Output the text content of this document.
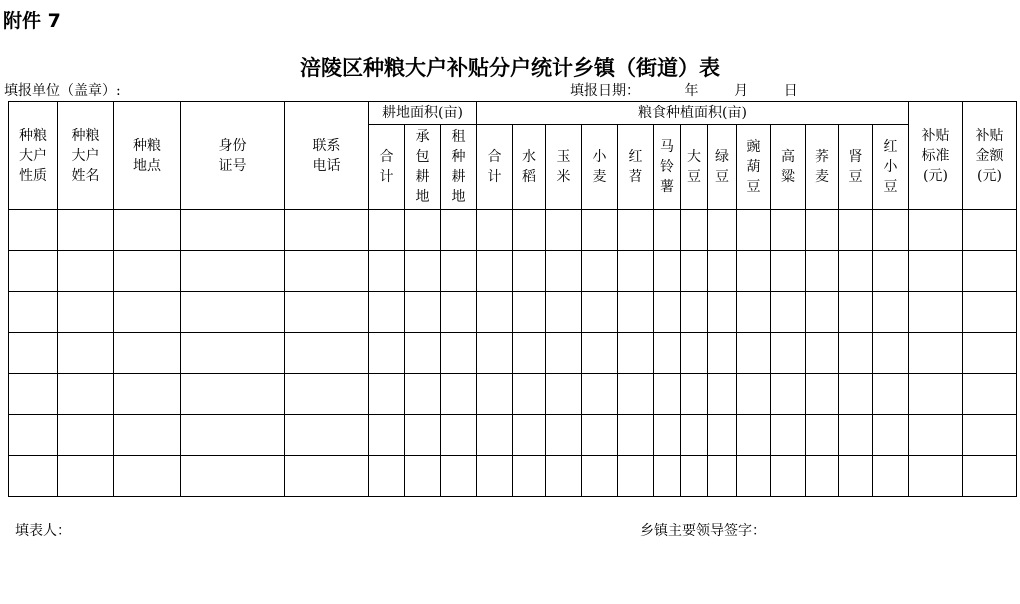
附件 7
涪陵区种粮大户补贴分户统计乡镇（街道）表
填报单位（盖章）:	填报日期：          年        月        日
种粮大户性质	种粮大户姓名	种粮地点	身份证号	联系电话	耕地面积(亩)			粮食种植面积(亩)													补贴标准(元)	补贴金额(元)
					合计	承包耕地	租种耕地	合计	水稻	玉米	小麦	红苕	马铃薯	大豆	绿豆	豌葫豆	高粱	荞麦	肾豆	红小豆		

填表人：	乡镇主要领导签字：
